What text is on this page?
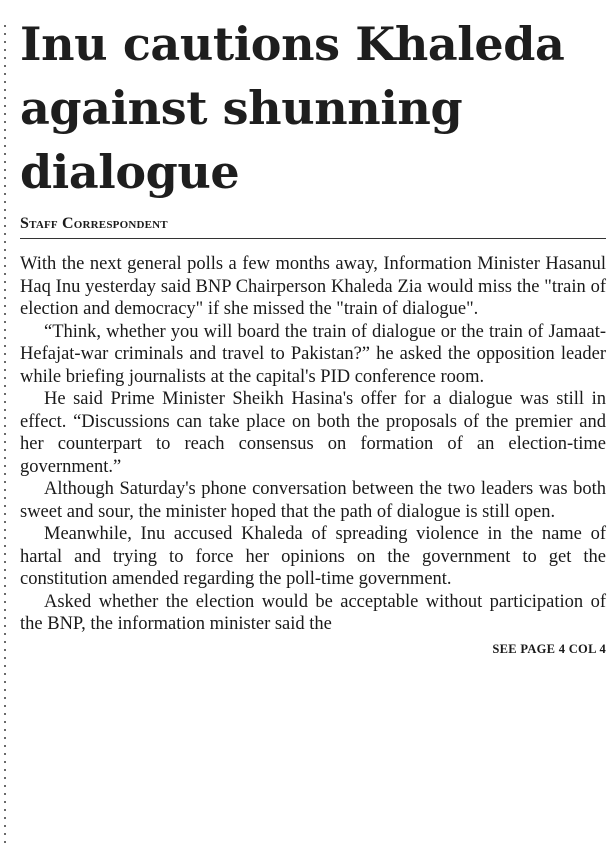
Inu cautions Khaleda against shunning dialogue
Staff Correspondent

With the next general polls a few months away, Information Minister Hasanul Haq Inu yesterday said BNP Chairperson Khaleda Zia would miss the "train of election and democracy" if she missed the "train of dialogue".

“Think, whether you will board the train of dialogue or the train of Jamaat-Hefajat-war criminals and travel to Pakistan?” he asked the opposition leader while briefing journalists at the capital's PID conference room.

He said Prime Minister Sheikh Hasina's offer for a dialogue was still in effect. “Discussions can take place on both the proposals of the premier and her counterpart to reach consensus on formation of an election-time government.”

Although Saturday's phone conversation between the two leaders was both sweet and sour, the minister hoped that the path of dialogue is still open.

Meanwhile, Inu accused Khaleda of spreading violence in the name of hartal and trying to force her opinions on the government to get the constitution amended regarding the poll-time government.

Asked whether the election would be acceptable without participation of the BNP, the information minister said the

SEE PAGE 4 COL 4
